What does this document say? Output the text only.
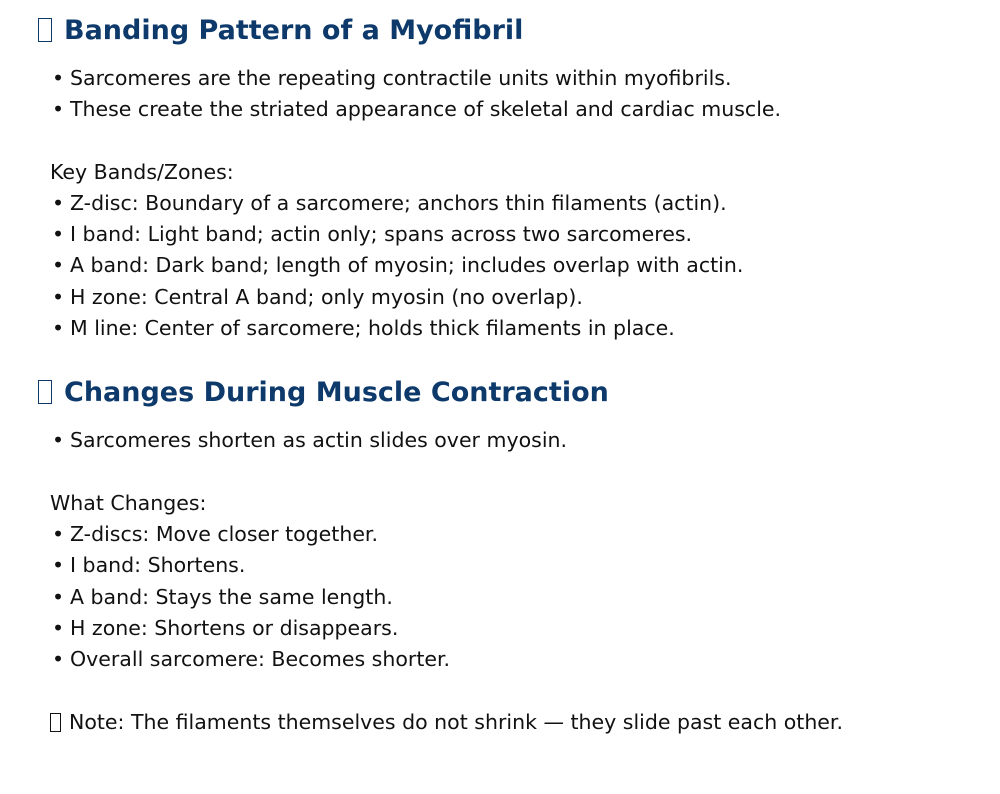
Banding Pattern of a Myofibril
• Sarcomeres are the repeating contractile units within myofibrils.
• These create the striated appearance of skeletal and cardiac muscle.
Key Bands/Zones:
• Z-disc: Boundary of a sarcomere; anchors thin filaments (actin).
• I band: Light band; actin only; spans across two sarcomeres.
• A band: Dark band; length of myosin; includes overlap with actin.
• H zone: Central A band; only myosin (no overlap).
• M line: Center of sarcomere; holds thick filaments in place.
Changes During Muscle Contraction
• Sarcomeres shorten as actin slides over myosin.
What Changes:
• Z-discs: Move closer together.
• I band: Shortens.
• A band: Stays the same length.
• H zone: Shortens or disappears.
• Overall sarcomere: Becomes shorter.
Note: The filaments themselves do not shrink — they slide past each other.
